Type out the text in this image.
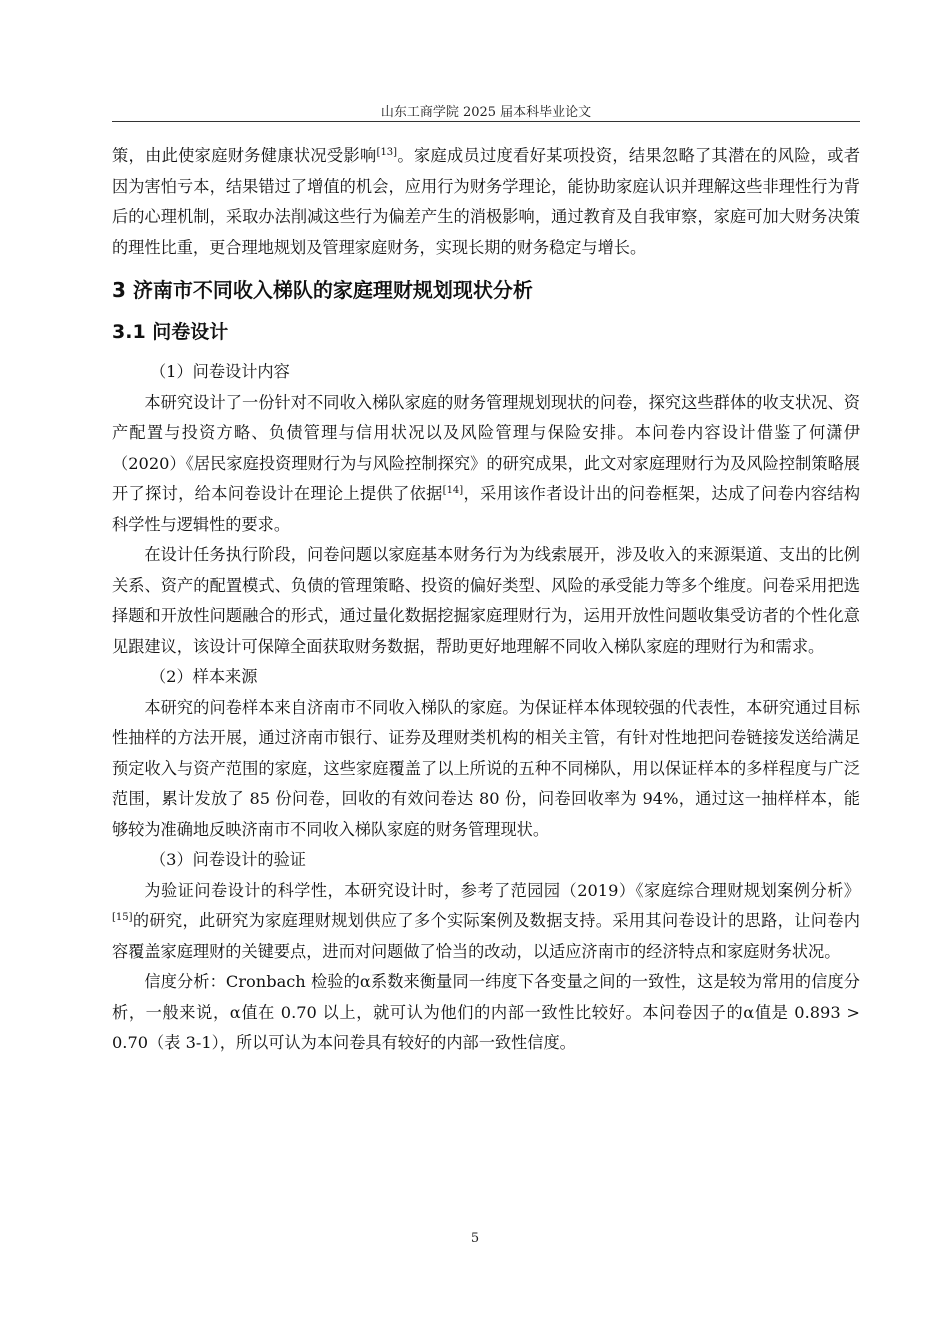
山东工商学院 2025 届本科毕业论文

策，由此使家庭财务健康状况受影响[13]。家庭成员过度看好某项投资，结果忽略了其潜在的风险，或者因为害怕亏本，结果错过了增值的机会，应用行为财务学理论，能协助家庭认识并理解这些非理性行为背后的心理机制，采取办法削减这些行为偏差产生的消极影响，通过教育及自我审察，家庭可加大财务决策的理性比重，更合理地规划及管理家庭财务，实现长期的财务稳定与增长。

3 济南市不同收入梯队的家庭理财规划现状分析
3.1 问卷设计

（1）问卷设计内容

本研究设计了一份针对不同收入梯队家庭的财务管理规划现状的问卷，探究这些群体的收支状况、资产配置与投资方略、负债管理与信用状况以及风险管理与保险安排。本问卷内容设计借鉴了何潇伊（2020）《居民家庭投资理财行为与风险控制探究》的研究成果，此文对家庭理财行为及风险控制策略展开了探讨，给本问卷设计在理论上提供了依据[14]，采用该作者设计出的问卷框架，达成了问卷内容结构科学性与逻辑性的要求。

在设计任务执行阶段，问卷问题以家庭基本财务行为为线索展开，涉及收入的来源渠道、支出的比例关系、资产的配置模式、负债的管理策略、投资的偏好类型、风险的承受能力等多个维度。问卷采用把选择题和开放性问题融合的形式，通过量化数据挖掘家庭理财行为，运用开放性问题收集受访者的个性化意见跟建议，该设计可保障全面获取财务数据，帮助更好地理解不同收入梯队家庭的理财行为和需求。

（2）样本来源

本研究的问卷样本来自济南市不同收入梯队的家庭。为保证样本体现较强的代表性，本研究通过目标性抽样的方法开展，通过济南市银行、证券及理财类机构的相关主管，有针对性地把问卷链接发送给满足预定收入与资产范围的家庭，这些家庭覆盖了以上所说的五种不同梯队，用以保证样本的多样程度与广泛范围，累计发放了 85 份问卷，回收的有效问卷达 80 份，问卷回收率为 94%，通过这一抽样样本，能够较为准确地反映济南市不同收入梯队家庭的财务管理现状。

（3）问卷设计的验证

为验证问卷设计的科学性，本研究设计时，参考了范园园（2019）《家庭综合理财规划案例分析》[15]的研究，此研究为家庭理财规划供应了多个实际案例及数据支持。采用其问卷设计的思路，让问卷内容覆盖家庭理财的关键要点，进而对问题做了恰当的改动，以适应济南市的经济特点和家庭财务状况。

信度分析：Cronbach 检验的α系数来衡量同一纬度下各变量之间的一致性，这是较为常用的信度分析，一般来说，α值在 0.70 以上，就可认为他们的内部一致性比较好。本问卷因子的α值是 0.893 > 0.70（表 3-1），所以可认为本问卷具有较好的内部一致性信度。

5
